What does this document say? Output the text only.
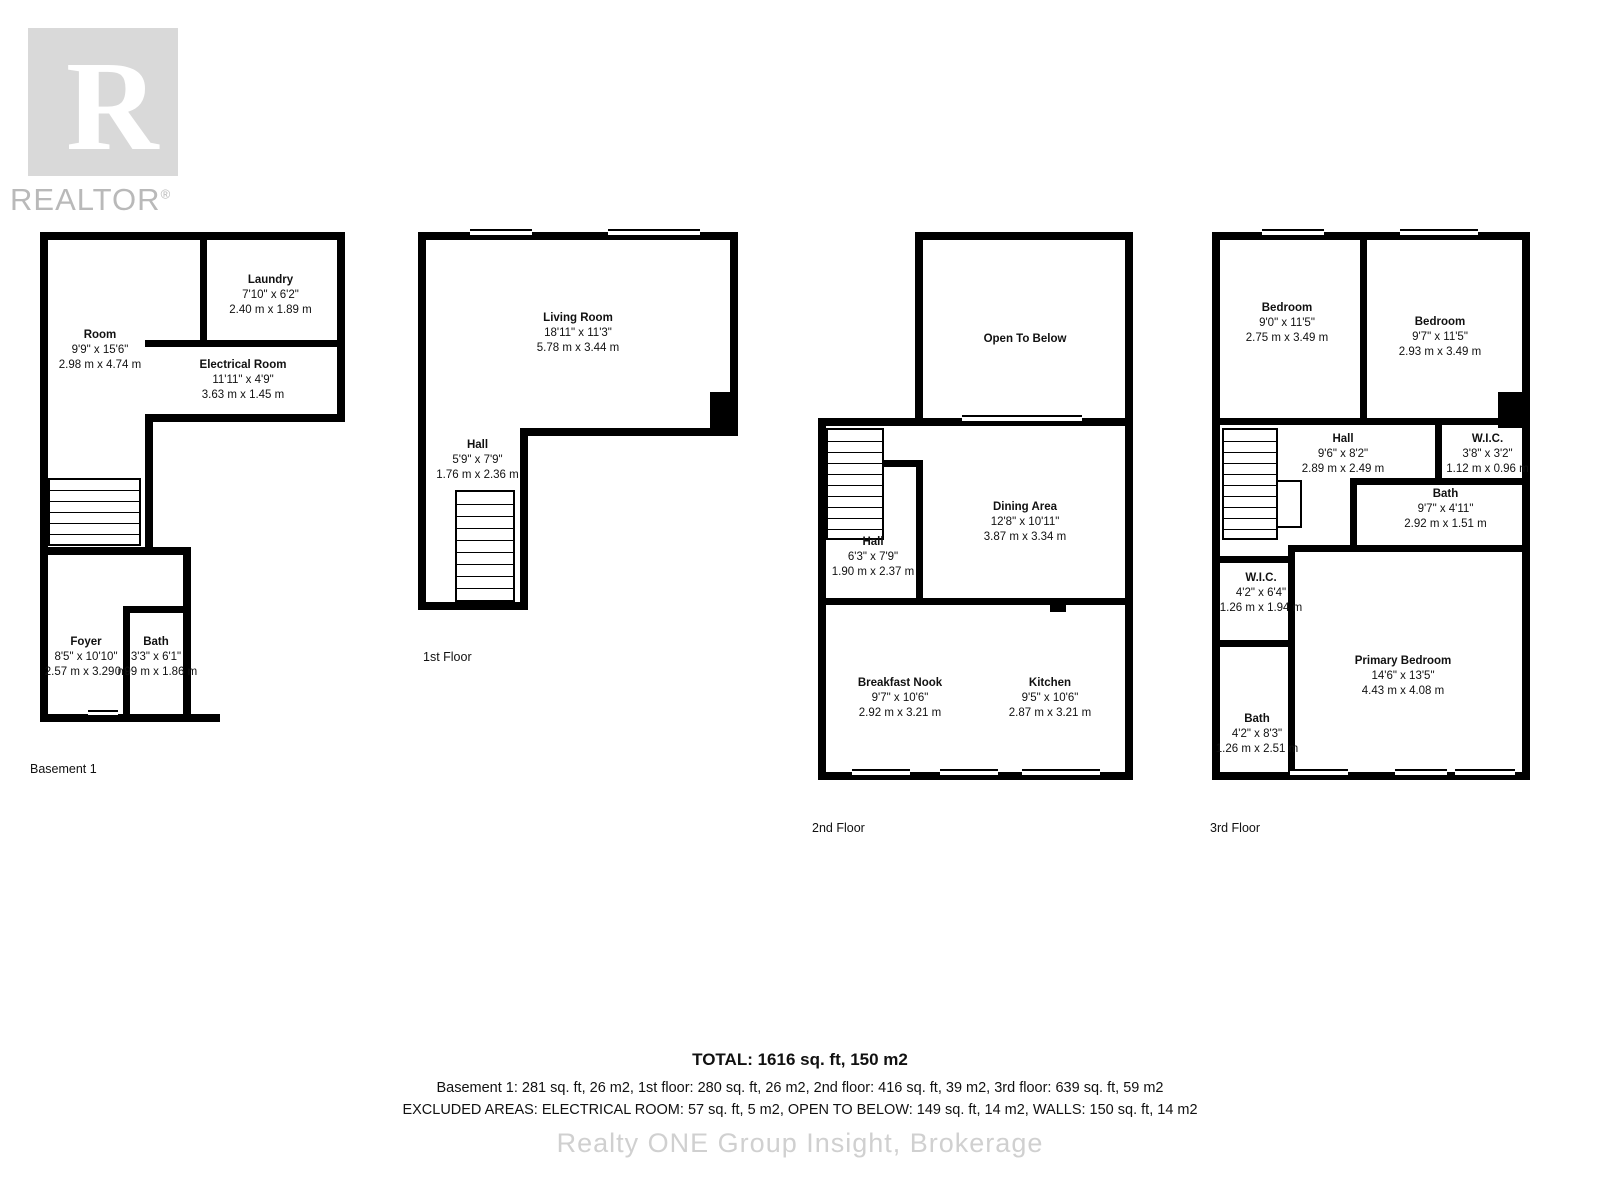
R
REALTOR®
Laundry
7'10" x 6'2"
2.40 m x 1.89 m
Room
9'9" x 15'6"
2.98 m x 4.74 m	Electrical Room
11'11" x 4'9"
3.63 m x 1.45 m
Foyer
8'5" x 10'10"
2.57 m x 3.29 m
Bath
3'3" x 6'1"
0.99 m x 1.86 m
Basement 1
Living Room
18'11" x 11'3"
5.78 m x 3.44 m
Hall
5'9" x 7'9"
1.76 m x 2.36 m
1st Floor
Open To Below
Dining Area
12'8" x 10'11"
3.87 m x 3.34 m
Hall
6'3" x 7'9"
1.90 m x 2.37 m
Breakfast Nook
9'7" x 10'6"
2.92 m x 3.21 m
Kitchen
9'5" x 10'6"
2.87 m x 3.21 m
2nd Floor
Bedroom
9'0" x 11'5"
2.75 m x 3.49 m
Bedroom
9'7" x 11'5"
2.93 m x 3.49 m
Hall
9'6" x 8'2"
2.89 m x 2.49 m
W.I.C.
3'8" x 3'2"
1.12 m x 0.96 m
Bath
9'7" x 4'11"
2.92 m x 1.51 m
W.I.C.
4'2" x 6'4"
1.26 m x 1.94 m
Bath
4'2" x 8'3"
1.26 m x 2.51 m
Primary Bedroom
14'6" x 13'5"
4.43 m x 4.08 m
3rd Floor
TOTAL: 1616 sq. ft, 150 m2
Basement 1: 281 sq. ft, 26 m2, 1st floor: 280 sq. ft, 26 m2, 2nd floor: 416 sq. ft, 39 m2, 3rd floor: 639 sq. ft, 59 m2
EXCLUDED AREAS: ELECTRICAL ROOM: 57 sq. ft, 5 m2, OPEN TO BELOW: 149 sq. ft, 14 m2, WALLS: 150 sq. ft, 14 m2
Realty ONE Group Insight, Brokerage
